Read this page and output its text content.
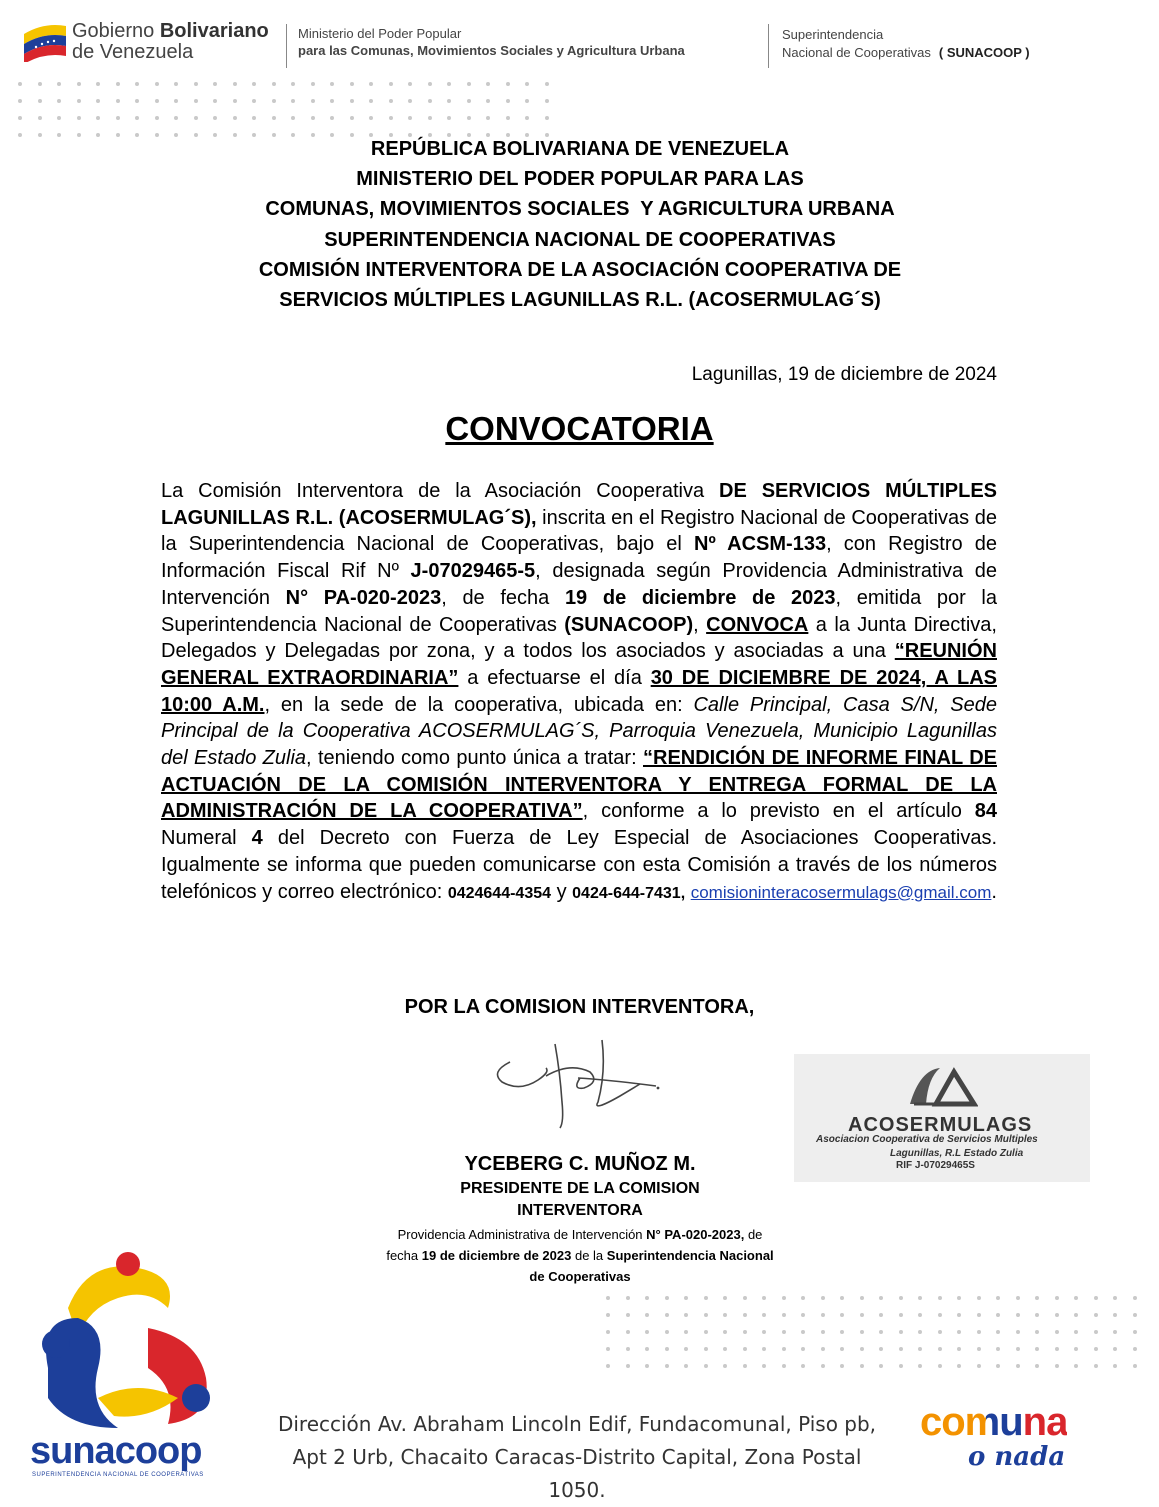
Gobierno Bolivariano
de Venezuela
Ministerio del Poder Popular
para las Comunas, Movimientos Sociales y Agricultura Urbana
Superintendencia
Nacional de Cooperativas ( SUNACOOP )
REPÚBLICA BOLIVARIANA DE VENEZUELA
MINISTERIO DEL PODER POPULAR PARA LAS
COMUNAS, MOVIMIENTOS SOCIALES  Y AGRICULTURA URBANA
SUPERINTENDENCIA NACIONAL DE COOPERATIVAS
COMISIÓN INTERVENTORA DE LA ASOCIACIÓN COOPERATIVA DE
SERVICIOS MÚLTIPLES LAGUNILLAS R.L. (ACOSERMULAG´S)
Lagunillas, 19 de diciembre de 2024
CONVOCATORIA
La Comisión Interventora de la Asociación Cooperativa DE SERVICIOS MÚLTIPLES LAGUNILLAS R.L. (ACOSERMULAG´S), inscrita en el Registro Nacional de Cooperativas de la Superintendencia Nacional de Cooperativas, bajo el Nº ACSM-133, con Registro de Información Fiscal Rif Nº J-07029465-5, designada según Providencia Administrativa de Intervención N° PA-020-2023, de fecha 19 de diciembre de 2023, emitida por la Superintendencia Nacional de Cooperativas (SUNACOOP), CONVOCA a la Junta Directiva, Delegados y Delegadas por zona, y a todos los asociados y asociadas a una “REUNIÓN GENERAL EXTRAORDINARIA” a efectuarse el día 30 DE DICIEMBRE DE 2024, A LAS 10:00 A.M., en la sede de la cooperativa, ubicada en: Calle Principal, Casa S/N, Sede Principal de la Cooperativa ACOSERMULAG´S, Parroquia Venezuela, Municipio Lagunillas del Estado Zulia, teniendo como punto única a tratar: “RENDICIÓN DE INFORME FINAL DE ACTUACIÓN DE LA COMISIÓN INTERVENTORA Y ENTREGA FORMAL DE LA ADMINISTRACIÓN DE LA COOPERATIVA”, conforme a lo previsto en el artículo 84 Numeral 4 del Decreto con Fuerza de Ley Especial de Asociaciones Cooperativas. Igualmente se informa que pueden comunicarse con esta Comisión a través de los números telefónicos y correo electrónico: 0424644-4354 y 0424-644-7431, comisioninteracosermulags@gmail.com.
POR LA COMISION INTERVENTORA,
ACOSERMULAGS
Asociacion Cooperativa de Servicios Multiples
Lagunillas, R.L Estado Zulia
RIF J-07029465S
YCEBERG C. MUÑOZ M.
PRESIDENTE DE LA COMISION
INTERVENTORA
Providencia Administrativa de Intervención N° PA-020-2023, de fecha 19 de diciembre de 2023 de la Superintendencia Nacional de Cooperativas
sunacoop
SUPERINTENDENCIA NACIONAL DE COOPERATIVAS
Dirección Av. Abraham Lincoln Edif, Fundacomunal, Piso pb,
Apt 2 Urb, Chacaito Caracas-Distrito Capital, Zona Postal 1050.
comuna
o nada
